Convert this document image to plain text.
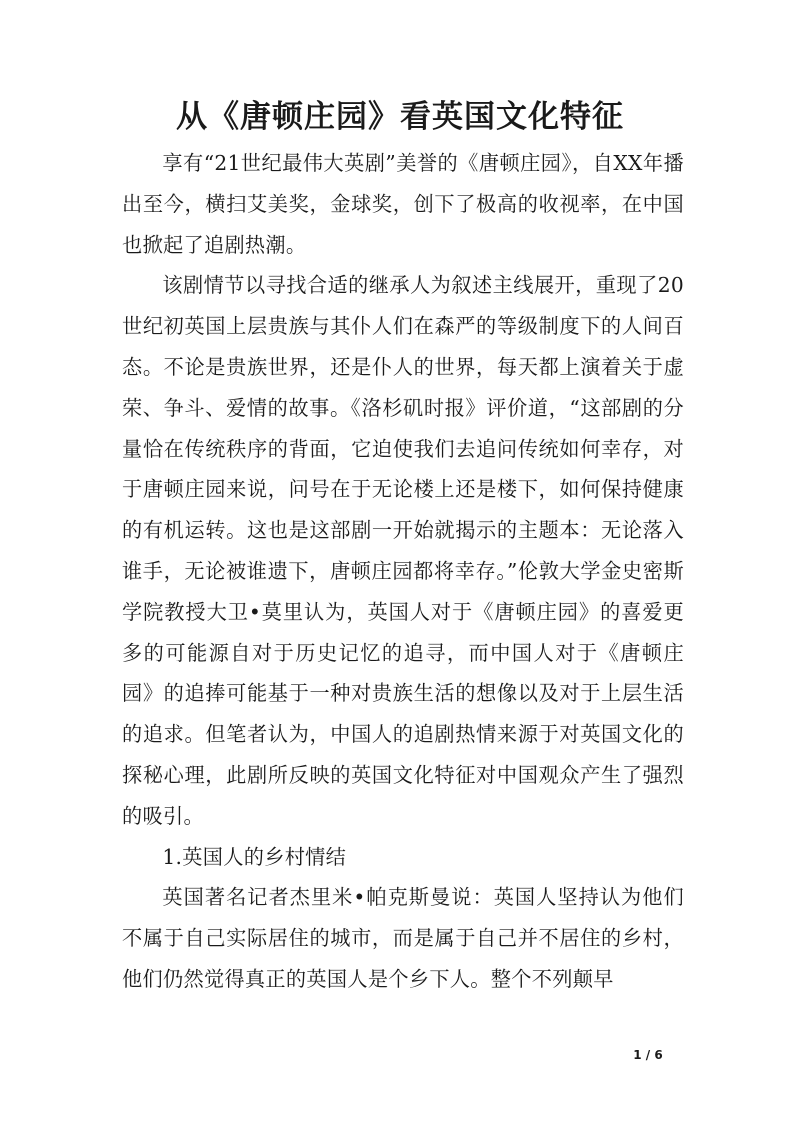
从《唐顿庄园》看英国文化特征

享有“21世纪最伟大英剧”美誉的《唐顿庄园》，自XX年播出至今，横扫艾美奖，金球奖，创下了极高的收视率，在中国也掀起了追剧热潮。

该剧情节以寻找合适的继承人为叙述主线展开，重现了20世纪初英国上层贵族与其仆人们在森严的等级制度下的人间百态。不论是贵族世界，还是仆人的世界，每天都上演着关于虚荣、争斗、爱情的故事。《洛杉矶时报》评价道，“这部剧的分量恰在传统秩序的背面，它迫使我们去追问传统如何幸存，对于唐顿庄园来说，问号在于无论楼上还是楼下，如何保持健康的有机运转。这也是这部剧一开始就揭示的主题本：无论落入谁手，无论被谁遗下，唐顿庄园都将幸存。”伦敦大学金史密斯学院教授大卫•莫里认为，英国人对于《唐顿庄园》的喜爱更多的可能源自对于历史记忆的追寻，而中国人对于《唐顿庄园》的追捧可能基于一种对贵族生活的想像以及对于上层生活的追求。但笔者认为，中国人的追剧热情来源于对英国文化的探秘心理，此剧所反映的英国文化特征对中国观众产生了强烈的吸引。

1.英国人的乡村情结

英国著名记者杰里米•帕克斯曼说：英国人坚持认为他们不属于自己实际居住的城市，而是属于自己并不居住的乡村，他们仍然觉得真正的英国人是个乡下人。整个不列颠早

1 / 6
